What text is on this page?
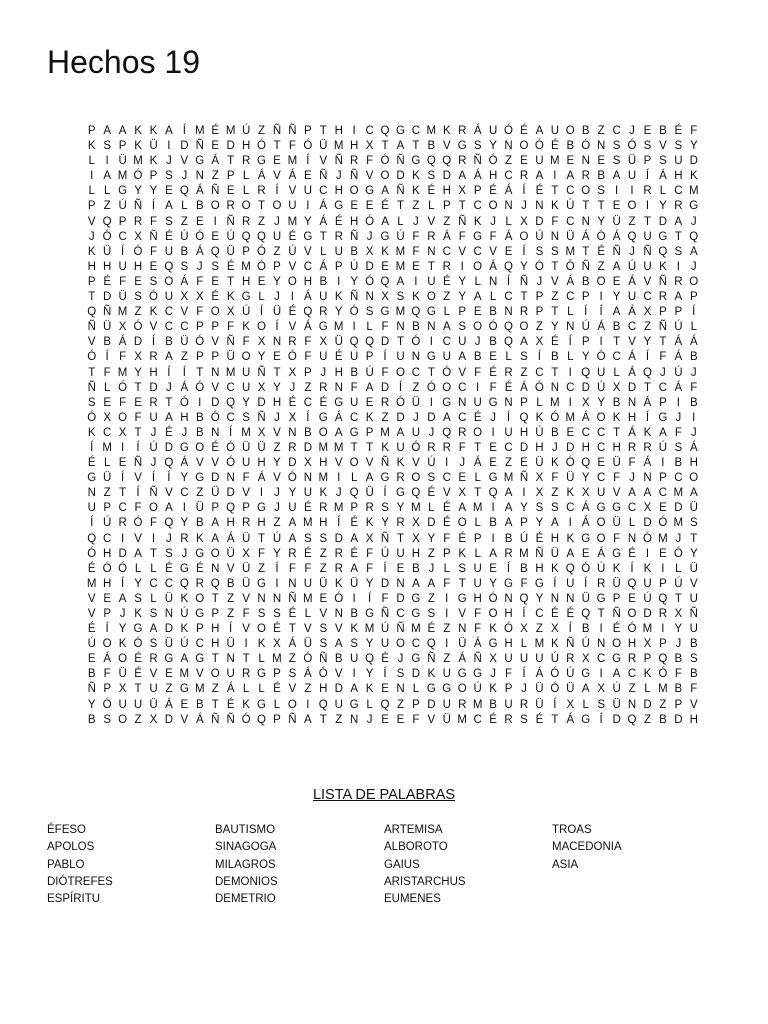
Hechos 19
P A A K K A Í M É M Ú Z Ñ Ñ P T H I C Q G C M K R Á U Ó É A U O B Z C J E B É F
K S P K Ü I D Ñ E D H Ó T F Ó Ü M H X T A T B V G S Y N O Ó É B Ó N S Ó S V S Y
L I Ü M K J V G Á T R G E M Í V Ñ R F Ó Ñ G Q Q R Ñ Ó Z E U M E N E S Ü P S U D
I A M Ó P S J N Z P L Á V Á E Ñ J Ñ V O D K S D A Á H C R A I A R B A U Í Á H K
L L G Y Y E Q Á Ñ E L R Í V U C H O G A Ñ K É H X P É Á Í É T C O S I	I R L C M
P Z Ú Ñ Í A L B O R O T O U I Á G E E É T Z L P T C O N J N K Ú T T E O I Y R G
V Q P R F S Z E I Ñ R Z J M Y Á É H Ó A L J V Z Ñ K J L X D F C N Y Ü Z T D A J
J Ó C X Ñ É Ú Ó E Ú Q Q U É G T R Ñ J G Ú F R Á F G F Á O Ú N Ü Á Ó Á Q U G T Q
K Ü Í Ó F U B Á Q Ü P Ó Z Ú V L U B X K M F N C V C V E Í S S M T É Ñ J Ñ Q S A
H H U H E Q S J S É M Ó P V C Á P Ú D E M E T R I O Á Q Y Ó T Ó Ñ Z A Ú U K I J
P É F E S O Á F E T H E Y O H B I Y Ó Q A I U É Y L N Í Ñ J V Á B O E Á V Ñ R O
T D Ü S Ó U X X É K G L J I Á U K Ñ N X S K O Z Y A L C T P Z C P I Y U C R A P
Q Ñ M Z K C V F O X Ú Í Ü É Q R Y Ó S G M Q G L P E B N R P T L Í	Í A Á X P P Í
Ñ Ü X Ó V C C P P F K O Í V Á G M I L F N B N A S O Ó Q O Z Y N Ú Á B C Z Ñ Ú L
V B Á D Í B Ü Ó V Ñ F X N R F X Ü Q Q D T Ó I C U J B Q A X É Í P I T V Y T Á Á
Ó Í F X R A Z P P Ü O Y E Ó F U É U P Í U N G U A B E L S Í B L Y Ó C Á Í F Á B
T F M Y H Í	Í T N M U Ñ T X P J H B Ú F O C T Ó V F É R Z C T I Q U L Á Q J Ú J
Ñ L Ó T D J Á Ó V C U X Y J Z R N F A D Í Z Ó O C I F É Á Ó N C D Ú X D T C Á F
S E F E R T Ó I D Q Y D H É C É G U E R Ó Ü I G N U G N P L M I X Y B N Á P I B
Ó X O F U A H B Ó C S Ñ J X Í G Á C K Z D J D A C É J Í Q K Ó M Á O K H Í G J I
K C X T J É J B N Í M X V N B O A G P M A U J Q R O I U H Ú B E C C T Á K A F J
Í M I	Í Ú D G O É Ó Ü Ü Z R D M M T T K U Ó R R F T E C D H J D H C H R R Ú S Á
É L E Ñ J Q Á V V Ó U H Y D X H V O V Ñ K V Ú I J Á E Z E Ü K Ó Q E Ü F Á I B H
G Ü Í V Í	Í Y G D N F Á V Ó N M I L A G R O S C E L G M Ñ X F Ü Y C F J N P C O
N Z T Í Ñ V C Z Ü D V I J Y U K J Q Ü Í G Q É V X T Q A I X Z K X U V A A C M A
U P C F O A I Ü P Q P G J U É R M P R S Y M L É A M I A Y S S C Á G G C X E D Ü
Í Ú R Ó F Q Y B A H R H Z A M H Í É K Y R X D É O L B A P Y A I Á O Ü L D Ó M S
Q C I V I J R K A Á Ü T Ú A S S D A X Ñ T X Y F É P I B Ú É H K G O F N Ó M J T
Ó H D A T S J G O Ü X F Y R É Z R É F Ú U H Z P K L A R M Ñ Ü A E Á G É I E Ó Y
É Ó Ó L L É G É N V Ü Z Í F F Z R A F Í E B J L S U E Í B H K Q Ó Ú K Í K I L Ü
M H Í Y C C Q R Q B Ü G I N U Ü K Ü Y D N A A F T U Y G F G Í U Í R Ü Q U P Ú V
V E A S L Ü K O T Z V N N Ñ M E Ó I	Í F D G Z I G H Ó N Q Y N N Ü G P E Ú Q T U
V P J K S N Ú G P Z F S S É L V N B G Ñ C G S I V F O H Í C É É Q T Ñ O D R X Ñ
É Í Y G A D K P H Í V O É T V S V K M Ú Ñ M É Z N F K Ó X Z X Í B I É Ó M I Y U
Ú O K Ó S Ü Ú C H Ü I K X Á Ü S A S Y U O C Q I Ü Á G H L M K Ñ Ú N O H X P J B
E Á O É R G A G T N T L M Z Ó Ñ B U Q É J G Ñ Z Á Ñ X U U U Ú R X C G R P Q B S
B F Ü É V E M V O U R G P S Á Ó V I Y Í S D K U G G J F Í Á Ó Ú G I A C K Ó F B
Ñ P X T U Z G M Z Á L L É V Z H D A K E N L G G O Ú K P J Ü Ó Ü A X Ú Z L M B F
Y Ó U U Ü Á E B T É K G L O I Q U G L Q Z P D U R M B U R Ü Í X L S Ü N D Z P V
B S O Z X D V Á Ñ Ñ Ó Q P Ñ A T Z N J E E F V Ü M C É R S É T Á G Í D Q Z B D H
LISTA DE PALABRAS
ÉFESO
APOLOS
PABLO
DIÓTREFES
ESPÍRITU
BAUTISMO
SINAGOGA
MILAGROS
DEMONIOS
DEMETRIO
ARTEMISA
ALBOROTO
GAIUS
ARISTARCHUS
EUMENES
TROAS
MACEDONIA
ASIA
